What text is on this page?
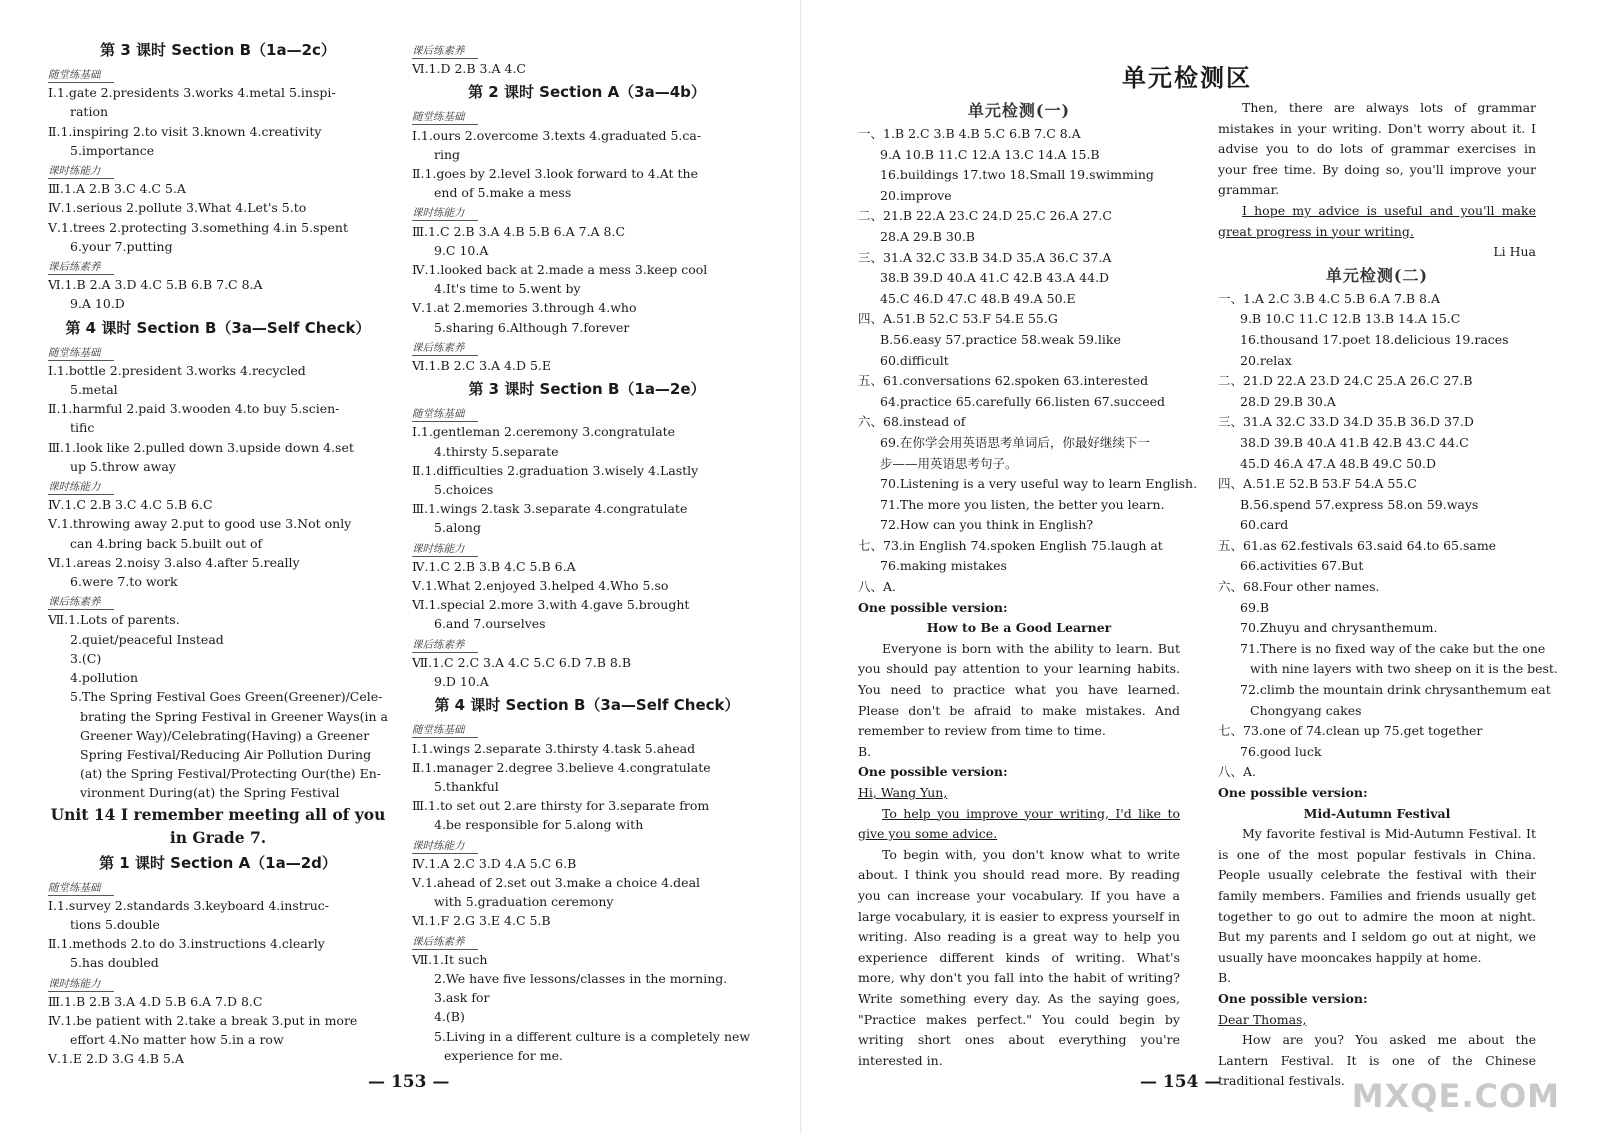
第 3 课时 Section B（1a—2c）
随堂练基础
Ⅰ.1.gate 2.presidents 3.works 4.metal 5.inspi-
ration
Ⅱ.1.inspiring 2.to visit 3.known 4.creativity
5.importance
课时练能力
Ⅲ.1.A 2.B 3.C 4.C 5.A
Ⅳ.1.serious 2.pollute 3.What 4.Let's 5.to
Ⅴ.1.trees 2.protecting 3.something 4.in 5.spent
6.your 7.putting
课后练素养
Ⅵ.1.B 2.A 3.D 4.C 5.B 6.B 7.C 8.A
9.A 10.D
第 4 课时 Section B（3a—Self Check）
随堂练基础
Ⅰ.1.bottle 2.president 3.works 4.recycled
5.metal
Ⅱ.1.harmful 2.paid 3.wooden 4.to buy 5.scien-
tific
Ⅲ.1.look like 2.pulled down 3.upside down 4.set
up 5.throw away
课时练能力
Ⅳ.1.C 2.B 3.C 4.C 5.B 6.C
Ⅴ.1.throwing away 2.put to good use 3.Not only
can 4.bring back 5.built out of
Ⅵ.1.areas 2.noisy 3.also 4.after 5.really
6.were 7.to work
课后练素养
Ⅶ.1.Lots of parents.
2.quiet/peaceful Instead
3.(C)
4.pollution
5.The Spring Festival Goes Green(Greener)/Cele-
brating the Spring Festival in Greener Ways(in a
Greener Way)/Celebrating(Having) a Greener
Spring Festival/Reducing Air Pollution During
(at) the Spring Festival/Protecting Our(the) En-
vironment During(at) the Spring Festival
Unit 14 I remember meeting all of you
in Grade 7.
第 1 课时 Section A（1a—2d）
随堂练基础
Ⅰ.1.survey 2.standards 3.keyboard 4.instruc-
tions 5.double
Ⅱ.1.methods 2.to do 3.instructions 4.clearly
5.has doubled
课时练能力
Ⅲ.1.B 2.B 3.A 4.D 5.B 6.A 7.D 8.C
Ⅳ.1.be patient with 2.take a break 3.put in more
effort 4.No matter how 5.in a row
Ⅴ.1.E 2.D 3.G 4.B 5.A
课后练素养
Ⅵ.1.D 2.B 3.A 4.C
第 2 课时 Section A（3a—4b）
随堂练基础
Ⅰ.1.ours 2.overcome 3.texts 4.graduated 5.ca-
ring
Ⅱ.1.goes by 2.level 3.look forward to 4.At the
end of 5.make a mess
课时练能力
Ⅲ.1.C 2.B 3.A 4.B 5.B 6.A 7.A 8.C
9.C 10.A
Ⅳ.1.looked back at 2.made a mess 3.keep cool
4.It's time to 5.went by
Ⅴ.1.at 2.memories 3.through 4.who
5.sharing 6.Although 7.forever
课后练素养
Ⅵ.1.B 2.C 3.A 4.D 5.E
第 3 课时 Section B（1a—2e）
随堂练基础
Ⅰ.1.gentleman 2.ceremony 3.congratulate
4.thirsty 5.separate
Ⅱ.1.difficulties 2.graduation 3.wisely 4.Lastly
5.choices
Ⅲ.1.wings 2.task 3.separate 4.congratulate
5.along
课时练能力
Ⅳ.1.C 2.B 3.B 4.C 5.B 6.A
Ⅴ.1.What 2.enjoyed 3.helped 4.Who 5.so
Ⅵ.1.special 2.more 3.with 4.gave 5.brought
6.and 7.ourselves
课后练素养
Ⅶ.1.C 2.C 3.A 4.C 5.C 6.D 7.B 8.B
9.D 10.A
第 4 课时 Section B（3a—Self Check）
随堂练基础
Ⅰ.1.wings 2.separate 3.thirsty 4.task 5.ahead
Ⅱ.1.manager 2.degree 3.believe 4.congratulate
5.thankful
Ⅲ.1.to set out 2.are thirsty for 3.separate from
4.be responsible for 5.along with
课时练能力
Ⅳ.1.A 2.C 3.D 4.A 5.C 6.B
Ⅴ.1.ahead of 2.set out 3.make a choice 4.deal
with 5.graduation ceremony
Ⅵ.1.F 2.G 3.E 4.C 5.B
课后练素养
Ⅶ.1.It such
2.We have five lessons/classes in the morning.
3.ask for
4.(B)
5.Living in a different culture is a completely new
experience for me.
单元检测区
单元检测(一)
一、1.B 2.C 3.B 4.B 5.C 6.B 7.C 8.A
9.A 10.B 11.C 12.A 13.C 14.A 15.B
16.buildings 17.two 18.Small 19.swimming
20.improve
二、21.B 22.A 23.C 24.D 25.C 26.A 27.C
28.A 29.B 30.B
三、31.A 32.C 33.B 34.D 35.A 36.C 37.A
38.B 39.D 40.A 41.C 42.B 43.A 44.D
45.C 46.D 47.C 48.B 49.A 50.E
四、A.51.B 52.C 53.F 54.E 55.G
B.56.easy 57.practice 58.weak 59.like
60.difficult
五、61.conversations 62.spoken 63.interested
64.practice 65.carefully 66.listen 67.succeed
六、68.instead of
69.在你学会用英语思考单词后，你最好继续下一
步——用英语思考句子。
70.Listening is a very useful way to learn English.
71.The more you listen, the better you learn.
72.How can you think in English?
七、73.in English 74.spoken English 75.laugh at
76.making mistakes
八、A.
One possible version:
How to Be a Good Learner
Everyone is born with the ability to learn. But you should pay attention to your learning habits. You need to practice what you have learned. Please don't be afraid to make mistakes. And remember to review from time to time.
B.
One possible version:
Hi, Wang Yun,
To help you improve your writing, I'd like to give you some advice.
To begin with, you don't know what to write about. I think you should read more. By reading you can increase your vocabulary. If you have a large vocabulary, it is easier to express yourself in writing. Also reading is a great way to help you experience different kinds of writing. What's more, why don't you fall into the habit of writing? Write something every day. As the saying goes, "Practice makes perfect." You could begin by writing short ones about everything you're interested in.
Then, there are always lots of grammar mistakes in your writing. Don't worry about it. I advise you to do lots of grammar exercises in your free time. By doing so, you'll improve your grammar.
I hope my advice is useful and you'll make great progress in your writing.
Li Hua
单元检测(二)
一、1.A 2.C 3.B 4.C 5.B 6.A 7.B 8.A
9.B 10.C 11.C 12.B 13.B 14.A 15.C
16.thousand 17.poet 18.delicious 19.races
20.relax
二、21.D 22.A 23.D 24.C 25.A 26.C 27.B
28.D 29.B 30.A
三、31.A 32.C 33.D 34.D 35.B 36.D 37.D
38.D 39.B 40.A 41.B 42.B 43.C 44.C
45.D 46.A 47.A 48.B 49.C 50.D
四、A.51.E 52.B 53.F 54.A 55.C
B.56.spend 57.express 58.on 59.ways
60.card
五、61.as 62.festivals 63.said 64.to 65.same
66.activities 67.But
六、68.Four other names.
69.B
70.Zhuyu and chrysanthemum.
71.There is no fixed way of the cake but the one
with nine layers with two sheep on it is the best.
72.climb the mountain drink chrysanthemum eat
Chongyang cakes
七、73.one of 74.clean up 75.get together
76.good luck
八、A.
One possible version:
Mid-Autumn Festival
My favorite festival is Mid-Autumn Festival. It is one of the most popular festivals in China. People usually celebrate the festival with their family members. Families and friends usually get together to go out to admire the moon at night. But my parents and I seldom go out at night, we usually have mooncakes happily at home.
B.
One possible version:
Dear Thomas,
How are you? You asked me about the Lantern Festival. It is one of the Chinese traditional festivals.
— 153 —	— 154 —	MXQE.COM
